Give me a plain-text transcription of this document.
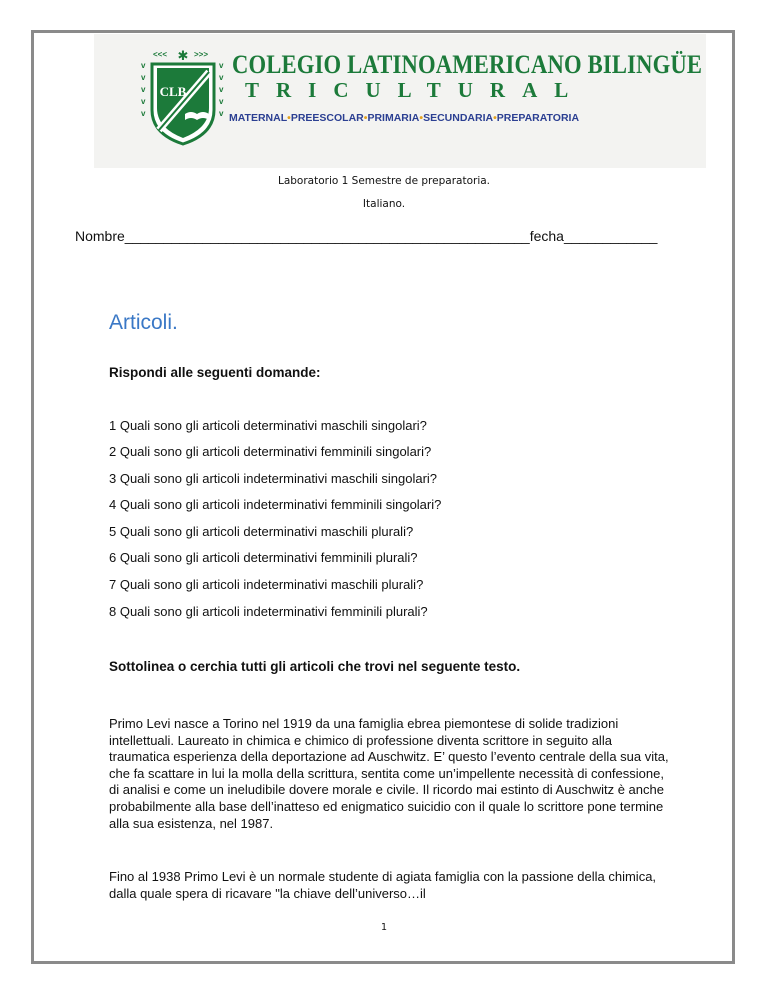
v
v
v
v
v
v
v
v
v
v
<<<	>>>
✱
CLB
COLEGIO LATINOAMERICANO BILINGÜE
TRICULTURAL
MATERNAL•PREESCOLAR•PRIMARIA•SECUNDARIA•PREPARATORIA
Laboratorio 1 Semestre de preparatoria.
Italiano.
Nombre____________________________________________________fecha____________
Articoli.
Rispondi alle seguenti domande:
1 Quali sono gli articoli determinativi maschili singolari?
2 Quali sono gli articoli determinativi femminili singolari?
3 Quali sono gli articoli indeterminativi maschili singolari?
4 Quali sono gli articoli indeterminativi femminili singolari?
5 Quali sono gli articoli determinativi maschili plurali?
6 Quali sono gli articoli determinativi femminili plurali?
7 Quali sono gli articoli indeterminativi maschili plurali?
8 Quali sono gli articoli indeterminativi femminili plurali?
Sottolinea o cerchia tutti gli articoli che trovi nel seguente testo.
Primo Levi nasce a Torino nel 1919 da una famiglia ebrea piemontese di solide tradizioni intellettuali. Laureato in chimica e chimico di professione diventa scrittore in seguito alla traumatica esperienza della deportazione ad Auschwitz. E’ questo l’evento centrale della sua vita, che fa scattare in lui la molla della scrittura, sentita come un’impellente necessità di confessione, di analisi e come un ineludibile dovere morale e civile. Il ricordo mai estinto di Auschwitz è anche probabilmente alla base dell’inatteso ed enigmatico suicidio con il quale lo scrittore pone termine alla sua esistenza, nel 1987.
Fino al 1938 Primo Levi è un normale studente di agiata famiglia con la passione della chimica, dalla quale spera di ricavare "la chiave dell’universo…il
1
